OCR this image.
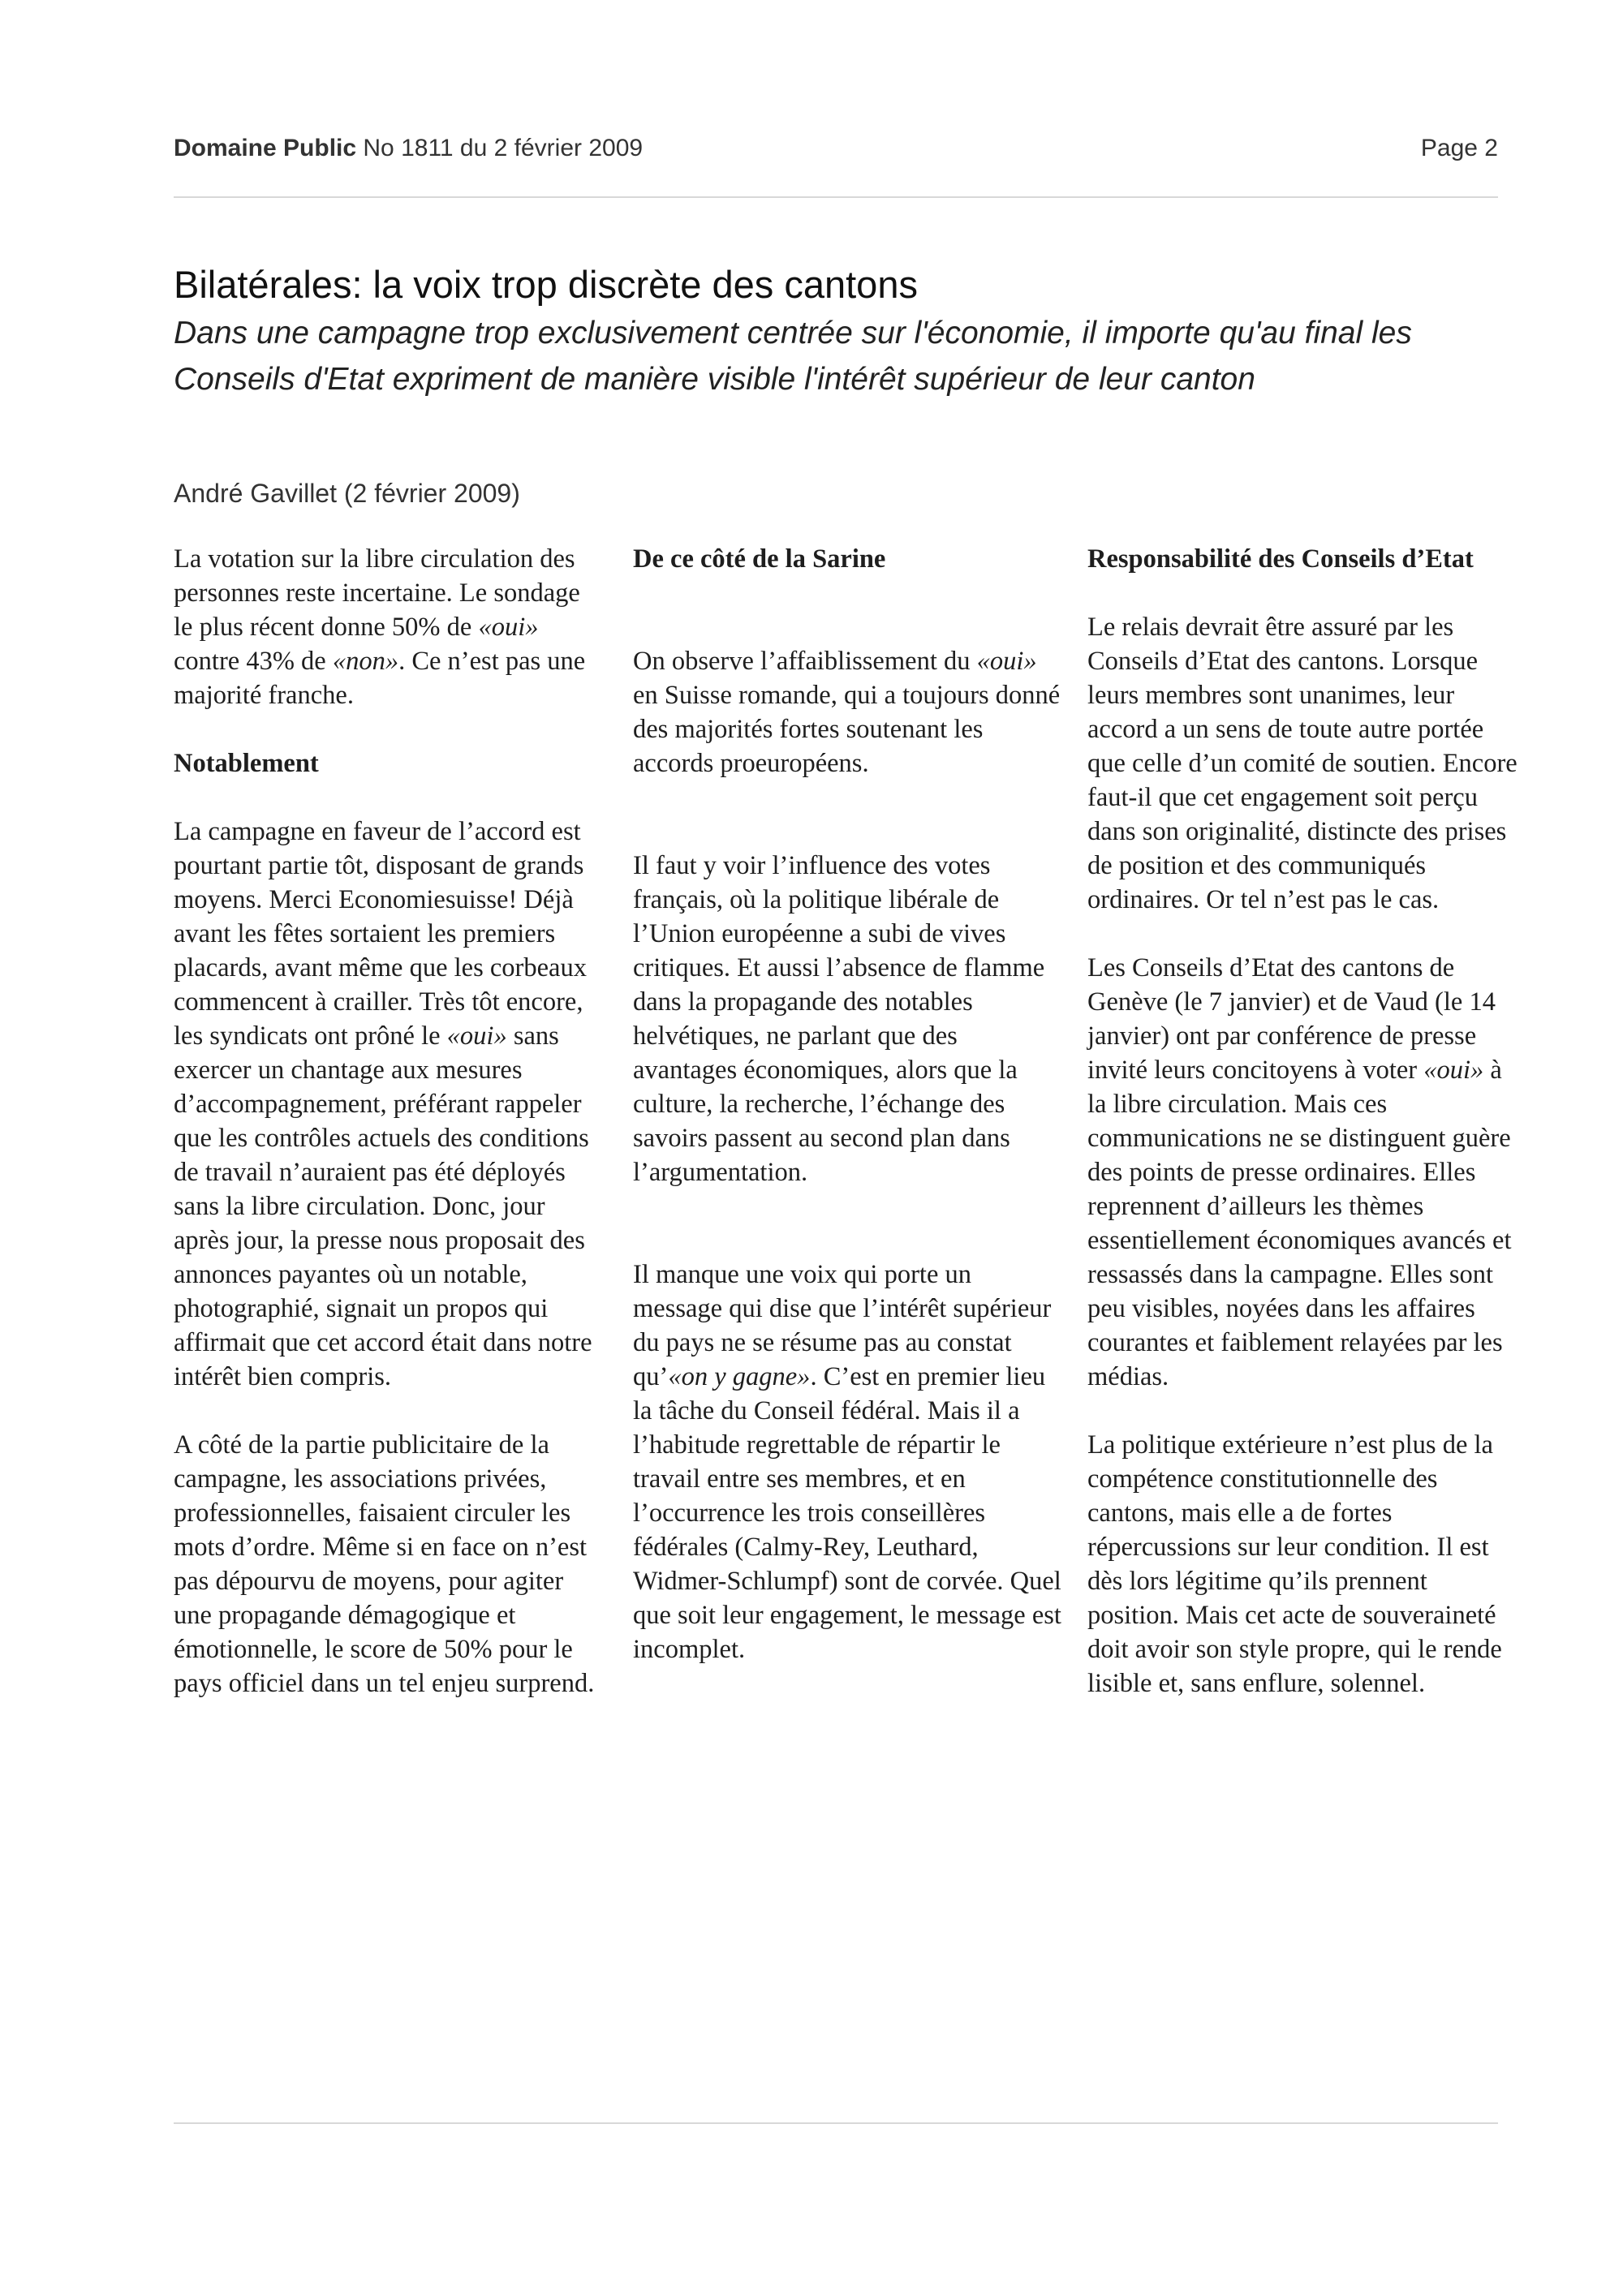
Domaine Public No 1811 du 2 février 2009	Page 2
Bilatérales: la voix trop discrète des cantons

Dans une campagne trop exclusivement centrée sur l'économie, il importe qu'au final les Conseils d'Etat expriment de manière visible l'intérêt supérieur de leur canton

André Gavillet (2 février 2009)

La votation sur la libre circulation des personnes reste incertaine. Le sondage le plus récent donne 50% de «oui» contre 43% de «non». Ce n’est pas une majorité franche.

Notablement

La campagne en faveur de l’accord est pourtant partie tôt, disposant de grands moyens. Merci Economiesuisse! Déjà avant les fêtes sortaient les premiers placards, avant même que les corbeaux commencent à crailler. Très tôt encore, les syndicats ont prôné le «oui» sans exercer un chantage aux mesures d’accompagnement, préférant rappeler que les contrôles actuels des conditions de travail n’auraient pas été déployés sans la libre circulation. Donc, jour après jour, la presse nous proposait des annonces payantes où un notable, photographié, signait un propos qui affirmait que cet accord était dans notre intérêt bien compris.

A côté de la partie publicitaire de la campagne, les associations privées, professionnelles, faisaient circuler les mots d’ordre. Même si en face on n’est pas dépourvu de moyens, pour agiter une propagande démagogique et émotionnelle, le score de 50% pour le pays officiel dans un tel enjeu surprend.

De ce côté de la Sarine

On observe l’affaiblissement du «oui» en Suisse romande, qui a toujours donné des majorités fortes soutenant les accords proeuropéens.

Il faut y voir l’influence des votes français, où la politique libérale de l’Union européenne a subi de vives critiques. Et aussi l’absence de flamme dans la propagande des notables helvétiques, ne parlant que des avantages économiques, alors que la culture, la recherche, l’échange des savoirs passent au second plan dans l’argumentation.

Il manque une voix qui porte un message qui dise que l’intérêt supérieur du pays ne se résume pas au constat qu’«on y gagne». C’est en premier lieu la tâche du Conseil fédéral. Mais il a l’habitude regrettable de répartir le travail entre ses membres, et en l’occurrence les trois conseillères fédérales (Calmy-Rey, Leuthard, Widmer-Schlumpf) sont de corvée. Quel que soit leur engagement, le message est incomplet.

Responsabilité des Conseils d’Etat

Le relais devrait être assuré par les Conseils d’Etat des cantons. Lorsque leurs membres sont unanimes, leur accord a un sens de toute autre portée que celle d’un comité de soutien. Encore faut-il que cet engagement soit perçu dans son originalité, distincte des prises de position et des communiqués ordinaires. Or tel n’est pas le cas.

Les Conseils d’Etat des cantons de Genève (le 7 janvier) et de Vaud (le 14 janvier) ont par conférence de presse invité leurs concitoyens à voter «oui» à la libre circulation. Mais ces communications ne se distinguent guère des points de presse ordinaires. Elles reprennent d’ailleurs les thèmes essentiellement économiques avancés et ressassés dans la campagne. Elles sont peu visibles, noyées dans les affaires courantes et faiblement relayées par les médias.

La politique extérieure n’est plus de la compétence constitutionnelle des cantons, mais elle a de fortes répercussions sur leur condition. Il est dès lors légitime qu’ils prennent position. Mais cet acte de souveraineté doit avoir son style propre, qui le rende lisible et, sans enflure, solennel.
